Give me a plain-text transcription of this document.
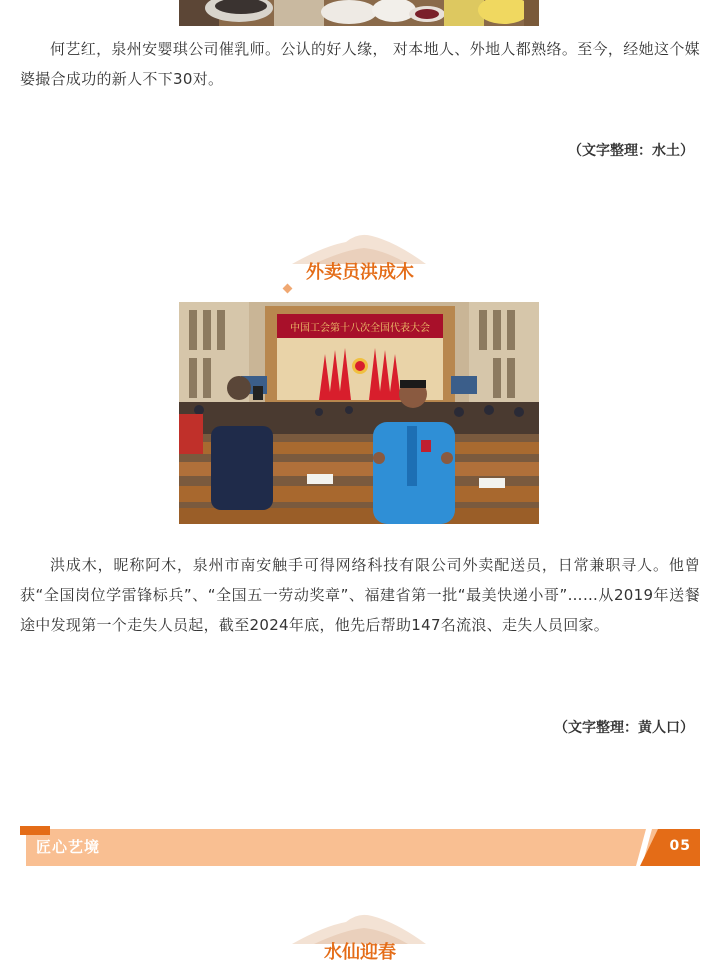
何艺红，泉州安婴琪公司催乳师。公认的好人缘， 对本地人、外地人都熟络。至今，经她这个媒婆撮合成功的新人不下30对。

（文字整理：水土）

外卖员洪成木
中国工会第十八次全国代表大会

洪成木，昵称阿木，泉州市南安触手可得网络科技有限公司外卖配送员，日常兼职寻人。他曾获“全国岗位学雷锋标兵”、“全国五一劳动奖章”、福建省第一批“最美快递小哥”……从2019年送餐途中发现第一个走失人员起，截至2024年底，他先后帮助147名流浪、走失人员回家。

（文字整理：黄人口）

匠心艺境	05
水仙迎春
